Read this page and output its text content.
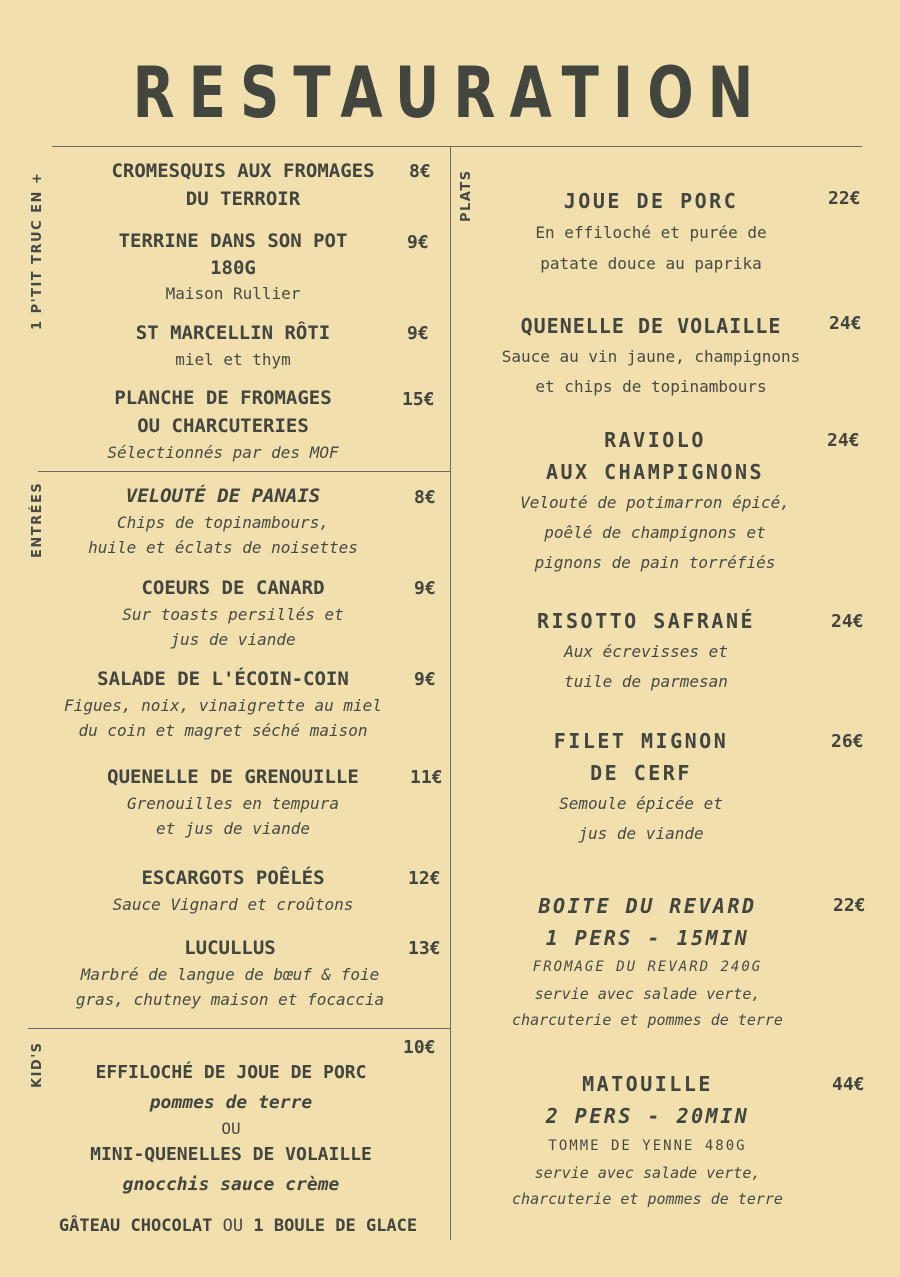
RESTAURATION
1 P'TIT TRUC EN +
ENTRÉES
KID'S
PLATS
CROMESQUIS AUX FROMAGES
DU TERROIR
8€
TERRINE DANS SON POT
180G
Maison Rullier
9€
ST MARCELLIN RÔTI
miel et thym
9€
PLANCHE DE FROMAGES
OU CHARCUTERIES
Sélectionnés par des MOF
15€
VELOUTÉ DE PANAIS
Chips de topinambours,
huile et éclats de noisettes
8€
COEURS DE CANARD
Sur toasts persillés et
jus de viande
9€
SALADE DE L'ÉCOIN-COIN
Figues, noix, vinaigrette au miel
du coin et magret séché maison
9€
QUENELLE DE GRENOUILLE
Grenouilles en tempura
et jus de viande
11€
ESCARGOTS POÊLÉS
Sauce Vignard et croûtons
12€
LUCULLUS
Marbré de langue de bœuf & foie
gras, chutney maison et focaccia
13€
10€
EFFILOCHÉ DE JOUE DE PORC
pommes de terre
OU
MINI-QUENELLES DE VOLAILLE
gnocchis sauce crème
GÂTEAU CHOCOLAT OU 1 BOULE DE GLACE
JOUE DE PORC
En effiloché et purée de
patate douce au paprika
22€
QUENELLE DE VOLAILLE
Sauce au vin jaune, champignons
et chips de topinambours
24€
RAVIOLO
AUX CHAMPIGNONS
Velouté de potimarron épicé,
poêlé de champignons et
pignons de pain torréfiés
24€
RISOTTO SAFRANÉ
Aux écrevisses et
tuile de parmesan
24€
FILET MIGNON
DE CERF
Semoule épicée et
jus de viande
26€
BOITE DU REVARD
1 PERS - 15MIN
FROMAGE DU REVARD 240G
servie avec salade verte,
charcuterie et pommes de terre
22€
MATOUILLE
2 PERS - 20MIN
TOMME DE YENNE 480G
servie avec salade verte,
charcuterie et pommes de terre
44€
